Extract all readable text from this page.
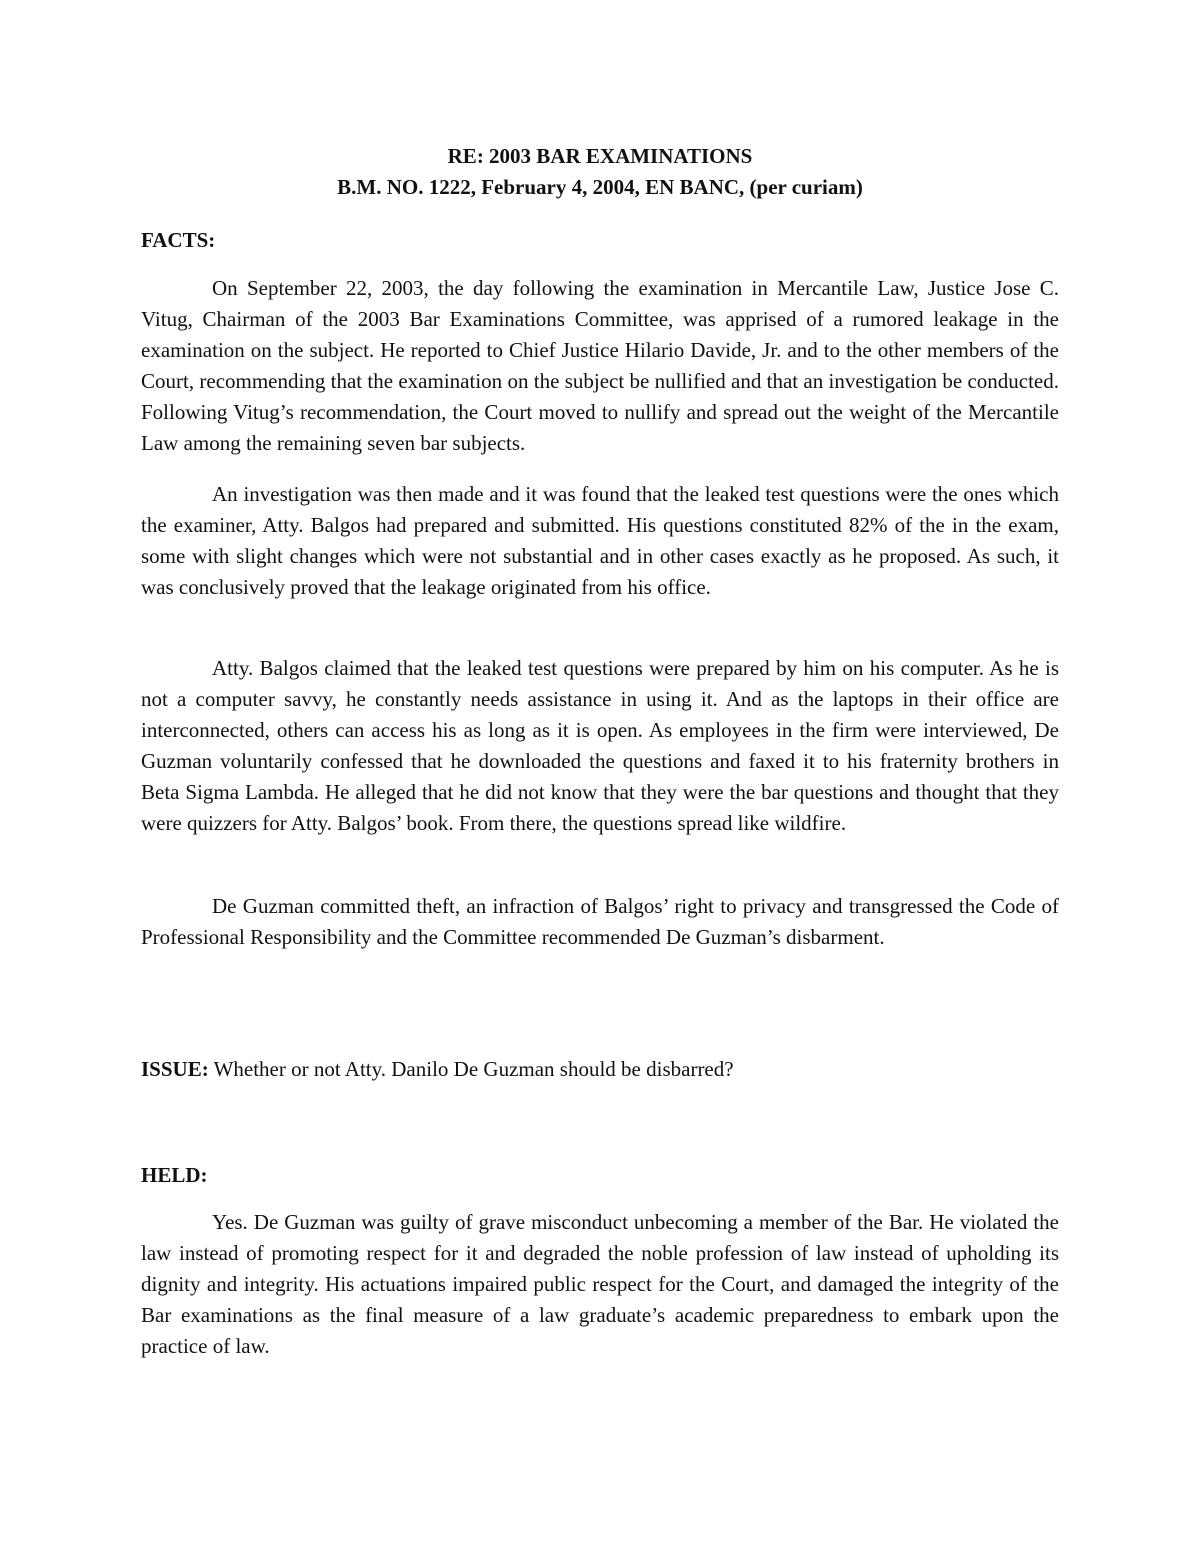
RE: 2003 BAR EXAMINATIONS

B.M. NO. 1222, February 4, 2004, EN BANC, (per curiam)

FACTS:

On September 22, 2003, the day following the examination in Mercantile Law, Justice Jose C. Vitug, Chairman of the 2003 Bar Examinations Committee, was apprised of a rumored leakage in the examination on the subject. He reported to Chief Justice Hilario Davide, Jr. and to the other members of the Court, recommending that the examination on the subject be nullified and that an investigation be conducted. Following Vitug’s recommendation, the Court moved to nullify and spread out the weight of the Mercantile Law among the remaining seven bar subjects.

An investigation was then made and it was found that the leaked test questions were the ones which the examiner, Atty. Balgos had prepared and submitted. His questions constituted 82% of the in the exam, some with slight changes which were not substantial and in other cases exactly as he proposed. As such, it was conclusively proved that the leakage originated from his office.

Atty. Balgos claimed that the leaked test questions were prepared by him on his computer. As he is not a computer savvy, he constantly needs assistance in using it. And as the laptops in their office are interconnected, others can access his as long as it is open. As employees in the firm were interviewed, De Guzman voluntarily confessed that he downloaded the questions and faxed it to his fraternity brothers in Beta Sigma Lambda. He alleged that he did not know that they were the bar questions and thought that they were quizzers for Atty. Balgos’ book. From there, the questions spread like wildfire.

De Guzman committed theft, an infraction of Balgos’ right to privacy and transgressed the Code of Professional Responsibility and the Committee recommended De Guzman’s disbarment.

ISSUE: Whether or not Atty. Danilo De Guzman should be disbarred?

HELD:

Yes. De Guzman was guilty of grave misconduct unbecoming a member of the Bar. He violated the law instead of promoting respect for it and degraded the noble profession of law instead of upholding its dignity and integrity. His actuations impaired public respect for the Court, and damaged the integrity of the Bar examinations as the final measure of a law graduate’s academic preparedness to embark upon the practice of law.
